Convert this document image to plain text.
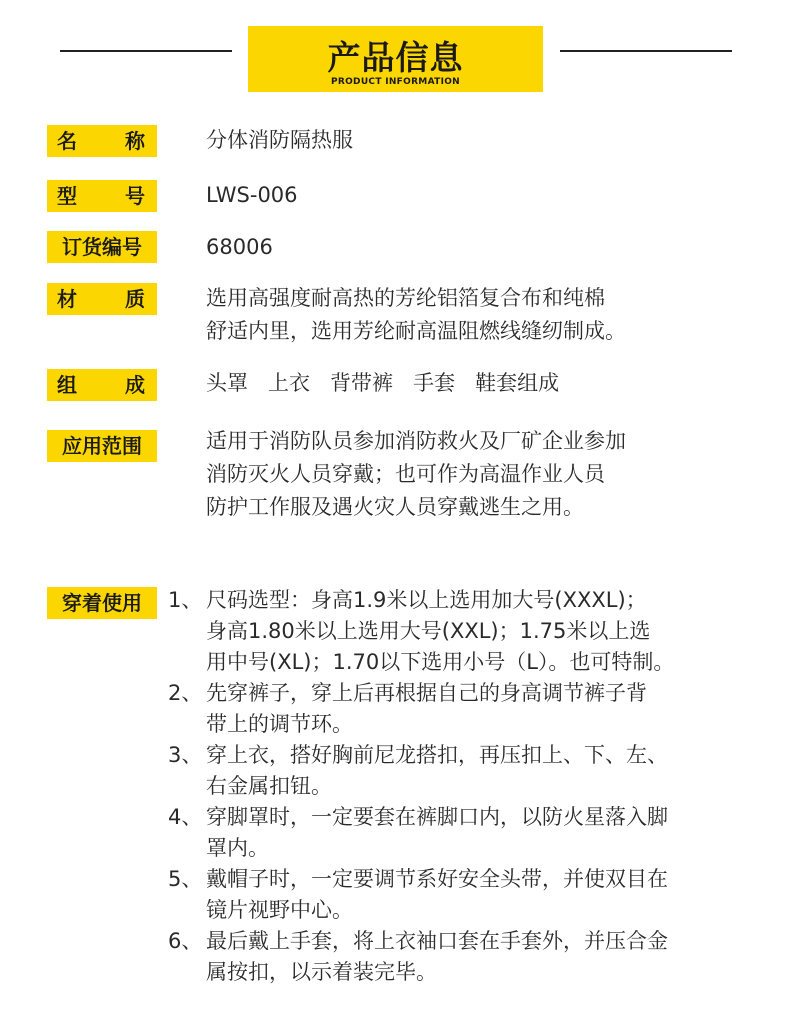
产品信息
PRODUCT INFORMATION
名 称	分体消防隔热服
型 号	LWS-006
订货编号	68006
材 质	选用高强度耐高热的芳纶铝箔复合布和纯棉
舒适内里，选用芳纶耐高温阻燃线缝纫制成。
组 成	头罩   上衣   背带裤   手套   鞋套组成
应用范围	适用于消防队员参加消防救火及厂矿企业参加
消防灭火人员穿戴；也可作为高温作业人员
防护工作服及遇火灾人员穿戴逃生之用。
穿着使用	1、 尺码选型：身高1.9米以上选用加大号(XXXL)；
身高1.80米以上选用大号(XXL)；1.75米以上选
用中号(XL)；1.70以下选用小号（L）。也可特制。
2、 先穿裤子，穿上后再根据自己的身高调节裤子背
带上的调节环。
3、 穿上衣，搭好胸前尼龙搭扣，再压扣上、下、左、
右金属扣钮。
4、 穿脚罩时，一定要套在裤脚口内，以防火星落入脚
罩内。
5、 戴帽子时，一定要调节系好安全头带，并使双目在
镜片视野中心。
6、 最后戴上手套，将上衣袖口套在手套外，并压合金
属按扣，以示着装完毕。
